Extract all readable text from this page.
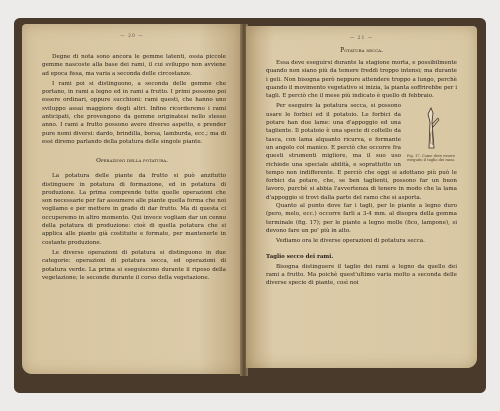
— 20 —

Degne di nota sono ancora le gemme latenti, ossia piccole gemme nascoste alla base dei rami, il cui sviluppo non avviene ad epoca fissa, ma varia a seconda delle circostanze.

I rami poi si distinguono, a seconda delle gemme che portano, in rami a legno ed in rami a frutto. I primi possono poi essere ordinari, oppure succhioni: rami questi, che hanno uno sviluppo assai maggiore degli altri. Infine ricorderemo i rami anticipati, che provengono da gemme originatesi nello stesso anno. I rami a frutto possono avere diverso aspetto, e prender pure nomi diversi: dardo, brindilla, borsa, lamburda, ecc.; ma di essi diremo parlando della potatura delle singole piante.

Operazioni della potatura.

La potatura delle piante da frutto si può anzitutto distinguere in potatura di formazione, ed in potatura di produzione. La prima comprende tutte quelle operazioni che son necessarie per far assumere alle piante quella forma che noi vogliamo e per mettere in grado di dar frutto. Ma di questa ci occuperemo in altro momento. Qui invece vogliam dar un cenno della potatura di produzione: cioè di quella potatura che si applica alle piante già costituite e formate, per mantenerle in costante produzione.

Le diverse operazioni di potatura si distinguono in due categorie: operazioni di potatura secca, ed operazioni di potatura verde. La prima si eseguiscono durante il riposo della vegetazione; le seconde durante il corso della vegetazione.

— 21 —
Potatura secca.

Essa deve eseguirsi durante la stagione morta, e possibilmente quando non siano più da temere freddi troppo intensi; ma durante i geli. Non bisogna però neppure attendere troppo a lungo, perchè quando il movimento vegetativo si inizia, la pianta soffrirebbe per i tagli. E perciò che il mese più indicato è quello di febbraio.

Fig. 17. Come deve essere eseguito il taglio dei rami.

Per eseguire la potatura secca, si possono usare le forbici ed il potatoio. Le forbici da potare han due lame: una d'appoggio ed una tagliente. Il potatoio è una specie di coltello da tasca, con lama alquanto ricurva, e formante un angolo col manico. E perciò che occorre fra questi strumenti migliore, ma il suo uso richiede una speciale abilità, e soprattutto un tempo non indifferente. E perciò che oggi si adottano più può le forbici da potare, che, se ben taglienti, possono far un buon lavoro, purchè si abbia l'avvertenza di tenere in modo che la lama d'appoggio si trovi dalla parte del ramo che si asporta.

Quanto al punto dove far i tagli, per le piante a legno duro (pero, melo, ecc.) occorre farli a 3-4 mm. al disopra della gemma terminale (fig. 17); per le piante a legno molle (fico, lampone), si devono fare un po' più in alto.

Vediamo ora le diverse operazioni di potatura secca.

Taglio secco dei rami.

Bisogna distinguere il taglio dei rami a legno da quello dei rami a frutto. Ma poichè quest'ultimo varia molto a seconda delle diverse specie di piante, così noi
